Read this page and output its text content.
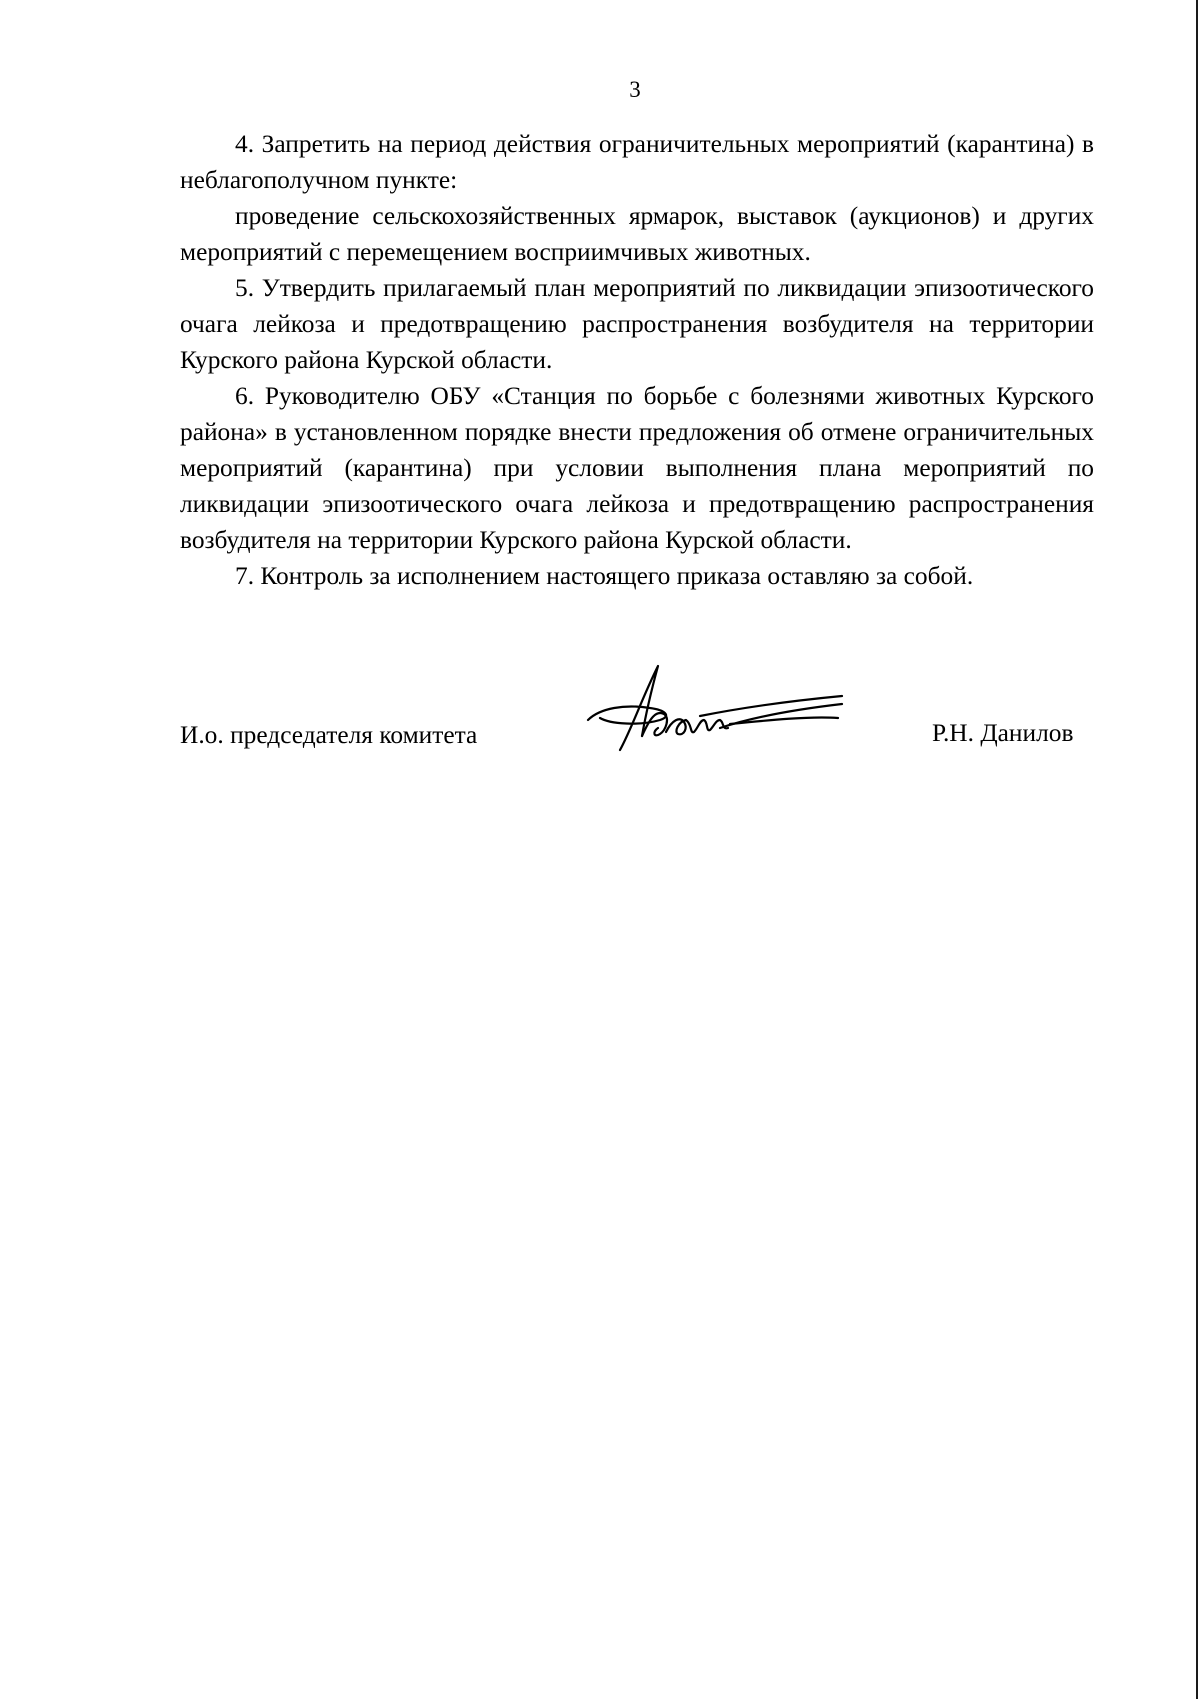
3

4. Запретить на период действия ограничительных мероприятий (карантина) в неблагополучном пункте:

проведение сельскохозяйственных ярмарок, выставок (аукционов) и других мероприятий с перемещением восприимчивых животных.

5. Утвердить прилагаемый план мероприятий по ликвидации эпизоотического очага лейкоза и предотвращению распространения возбудителя на территории Курского района Курской области.

6. Руководителю ОБУ «Станция по борьбе с болезнями животных Курского района» в установленном порядке внести предложения об отмене ограничительных мероприятий (карантина) при условии выполнения плана мероприятий по ликвидации эпизоотического очага лейкоза и предотвращению распространения возбудителя на территории Курского района Курской области.

7. Контроль за исполнением настоящего приказа оставляю за собой.

И.о. председателя комитета	Р.Н. Данилов
